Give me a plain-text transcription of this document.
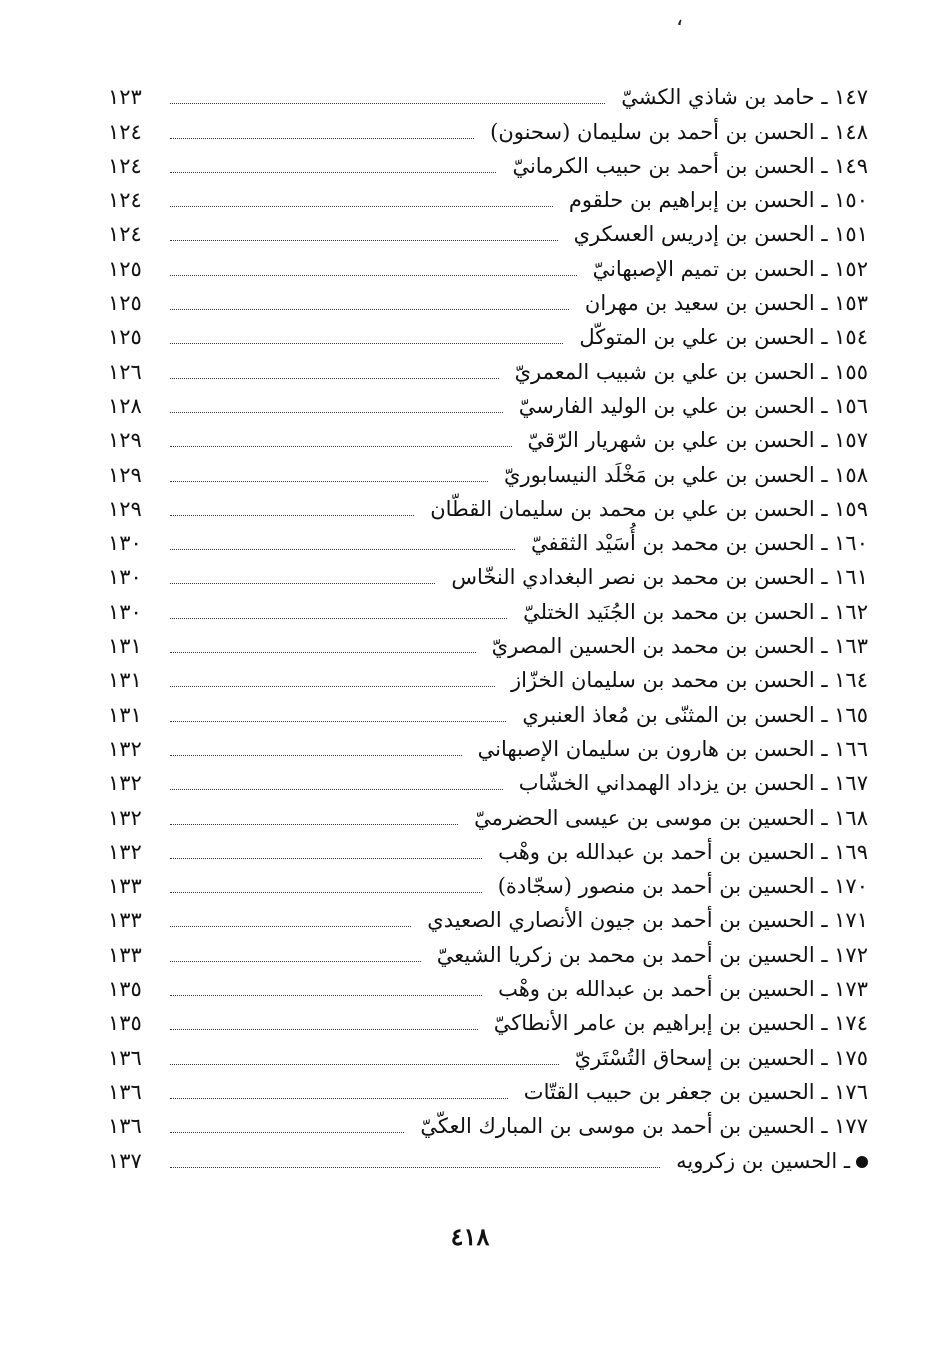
،
١٤٧ ـ حامد بن شاذي الكشيّ
١٢٣
١٤٨ ـ الحسن بن أحمد بن سليمان (سحنون)
١٢٤
١٤٩ ـ الحسن بن أحمد بن حبيب الكرمانيّ
١٢٤
١٥٠ ـ الحسن بن إبراهيم بن حلقوم
١٢٤
١٥١ ـ الحسن بن إدريس العسكري
١٢٤
١٥٢ ـ الحسن بن تميم الإصبهانيّ
١٢٥
١٥٣ ـ الحسن بن سعيد بن مهران
١٢٥
١٥٤ ـ الحسن بن علي بن المتوكّل
١٢٥
١٥٥ ـ الحسن بن علي بن شبيب المعمريّ
١٢٦
١٥٦ ـ الحسن بن علي بن الوليد الفارسيّ
١٢٨
١٥٧ ـ الحسن بن علي بن شهريار الرّقيّ
١٢٩
١٥٨ ـ الحسن بن علي بن مَخْلَد النيسابوريّ
١٢٩
١٥٩ ـ الحسن بن علي بن محمد بن سليمان القطّان
١٢٩
١٦٠ ـ الحسن بن محمد بن أُسَيْد الثقفيّ
١٣٠
١٦١ ـ الحسن بن محمد بن نصر البغدادي النخّاس
١٣٠
١٦٢ ـ الحسن بن محمد بن الجُنَيد الختليّ
١٣٠
١٦٣ ـ الحسن بن محمد بن الحسين المصريّ
١٣١
١٦٤ ـ الحسن بن محمد بن سليمان الخزّاز
١٣١
١٦٥ ـ الحسن بن المثنّى بن مُعاذ العنبري
١٣١
١٦٦ ـ الحسن بن هارون بن سليمان الإصبهاني
١٣٢
١٦٧ ـ الحسن بن يزداد الهمداني الخشّاب
١٣٢
١٦٨ ـ الحسين بن موسى بن عيسى الحضرميّ
١٣٢
١٦٩ ـ الحسين بن أحمد بن عبدالله بن وهْب
١٣٢
١٧٠ ـ الحسين بن أحمد بن منصور (سجّادة)
١٣٣
١٧١ ـ الحسين بن أحمد بن جيون الأنصاري الصعيدي
١٣٣
١٧٢ ـ الحسين بن أحمد بن محمد بن زكريا الشيعيّ
١٣٣
١٧٣ ـ الحسين بن أحمد بن عبدالله بن وهْب
١٣٥
١٧٤ ـ الحسين بن إبراهيم بن عامر الأنطاكيّ
١٣٥
١٧٥ ـ الحسين بن إسحاق التُسْتَريّ
١٣٦
١٧٦ ـ الحسين بن جعفر بن حبيب القتّات
١٣٦
١٧٧ ـ الحسين بن أحمد بن موسى بن المبارك العكّيّ
١٣٦
ـ الحسين بن زكرويه
١٣٧
٤١٨
